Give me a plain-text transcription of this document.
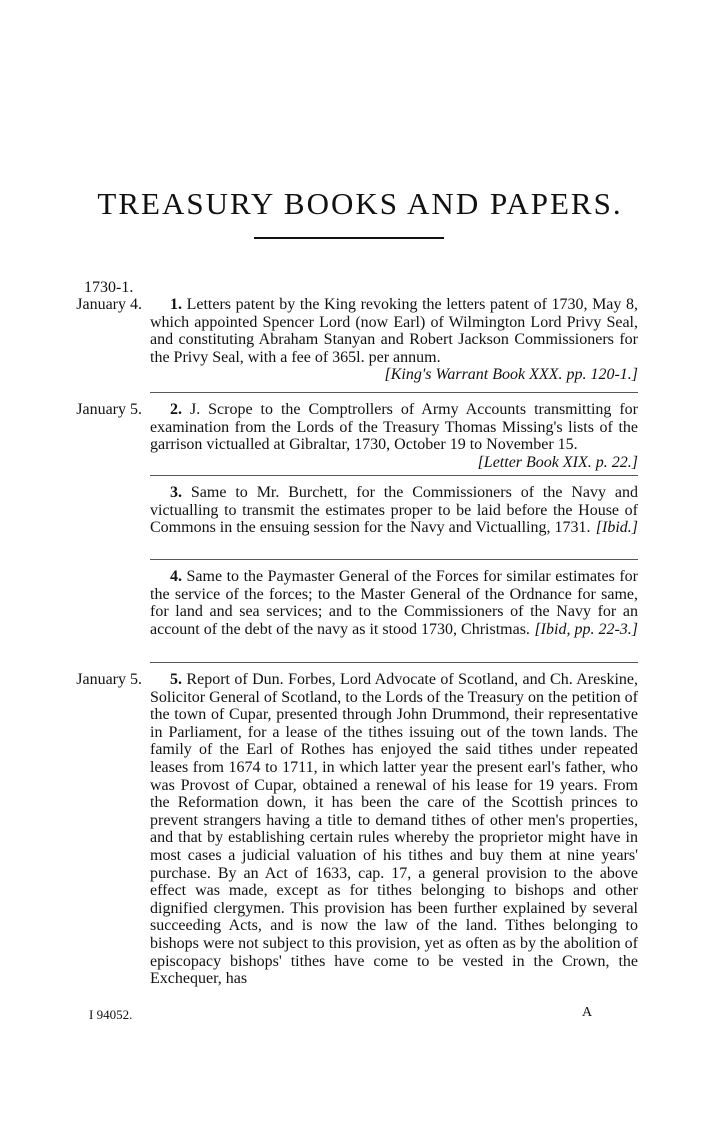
TREASURY BOOKS AND PAPERS.
1730-1.
January 4.	1. Letters patent by the King revoking the letters patent of 1730, May 8, which appointed Spencer Lord (now Earl) of Wilmington Lord Privy Seal, and constituting Abraham Stanyan and Robert Jackson Commissioners for the Privy Seal, with a fee of 365l. per annum.
[King's Warrant Book XXX. pp. 120-1.]
January 5.	2. J. Scrope to the Comptrollers of Army Accounts transmitting for examination from the Lords of the Treasury Thomas Missing's lists of the garrison victualled at Gibraltar, 1730, October 19 to November 15.
[Letter Book XIX. p. 22.]
3. Same to Mr. Burchett, for the Commissioners of the Navy and victualling to transmit the estimates proper to be laid before the House of Commons in the ensuing session for the Navy and Victualling, 1731. [Ibid.]
4. Same to the Paymaster General of the Forces for similar estimates for the service of the forces; to the Master General of the Ordnance for same, for land and sea services; and to the Commissioners of the Navy for an account of the debt of the navy as it stood 1730, Christmas. [Ibid, pp. 22-3.]
January 5.	5. Report of Dun. Forbes, Lord Advocate of Scotland, and Ch. Areskine, Solicitor General of Scotland, to the Lords of the Treasury on the petition of the town of Cupar, presented through John Drummond, their representative in Parliament, for a lease of the tithes issuing out of the town lands. The family of the Earl of Rothes has enjoyed the said tithes under repeated leases from 1674 to 1711, in which latter year the present earl's father, who was Provost of Cupar, obtained a renewal of his lease for 19 years. From the Reformation down, it has been the care of the Scottish princes to prevent strangers having a title to demand tithes of other men's properties, and that by establishing certain rules whereby the proprietor might have in most cases a judicial valuation of his tithes and buy them at nine years' purchase. By an Act of 1633, cap. 17, a general provision to the above effect was made, except as for tithes belonging to bishops and other dignified clergymen. This provision has been further explained by several succeeding Acts, and is now the law of the land. Tithes belonging to bishops were not subject to this provision, yet as often as by the abolition of episcopacy bishops' tithes have come to be vested in the Crown, the Exchequer, has
I 94052.	A
